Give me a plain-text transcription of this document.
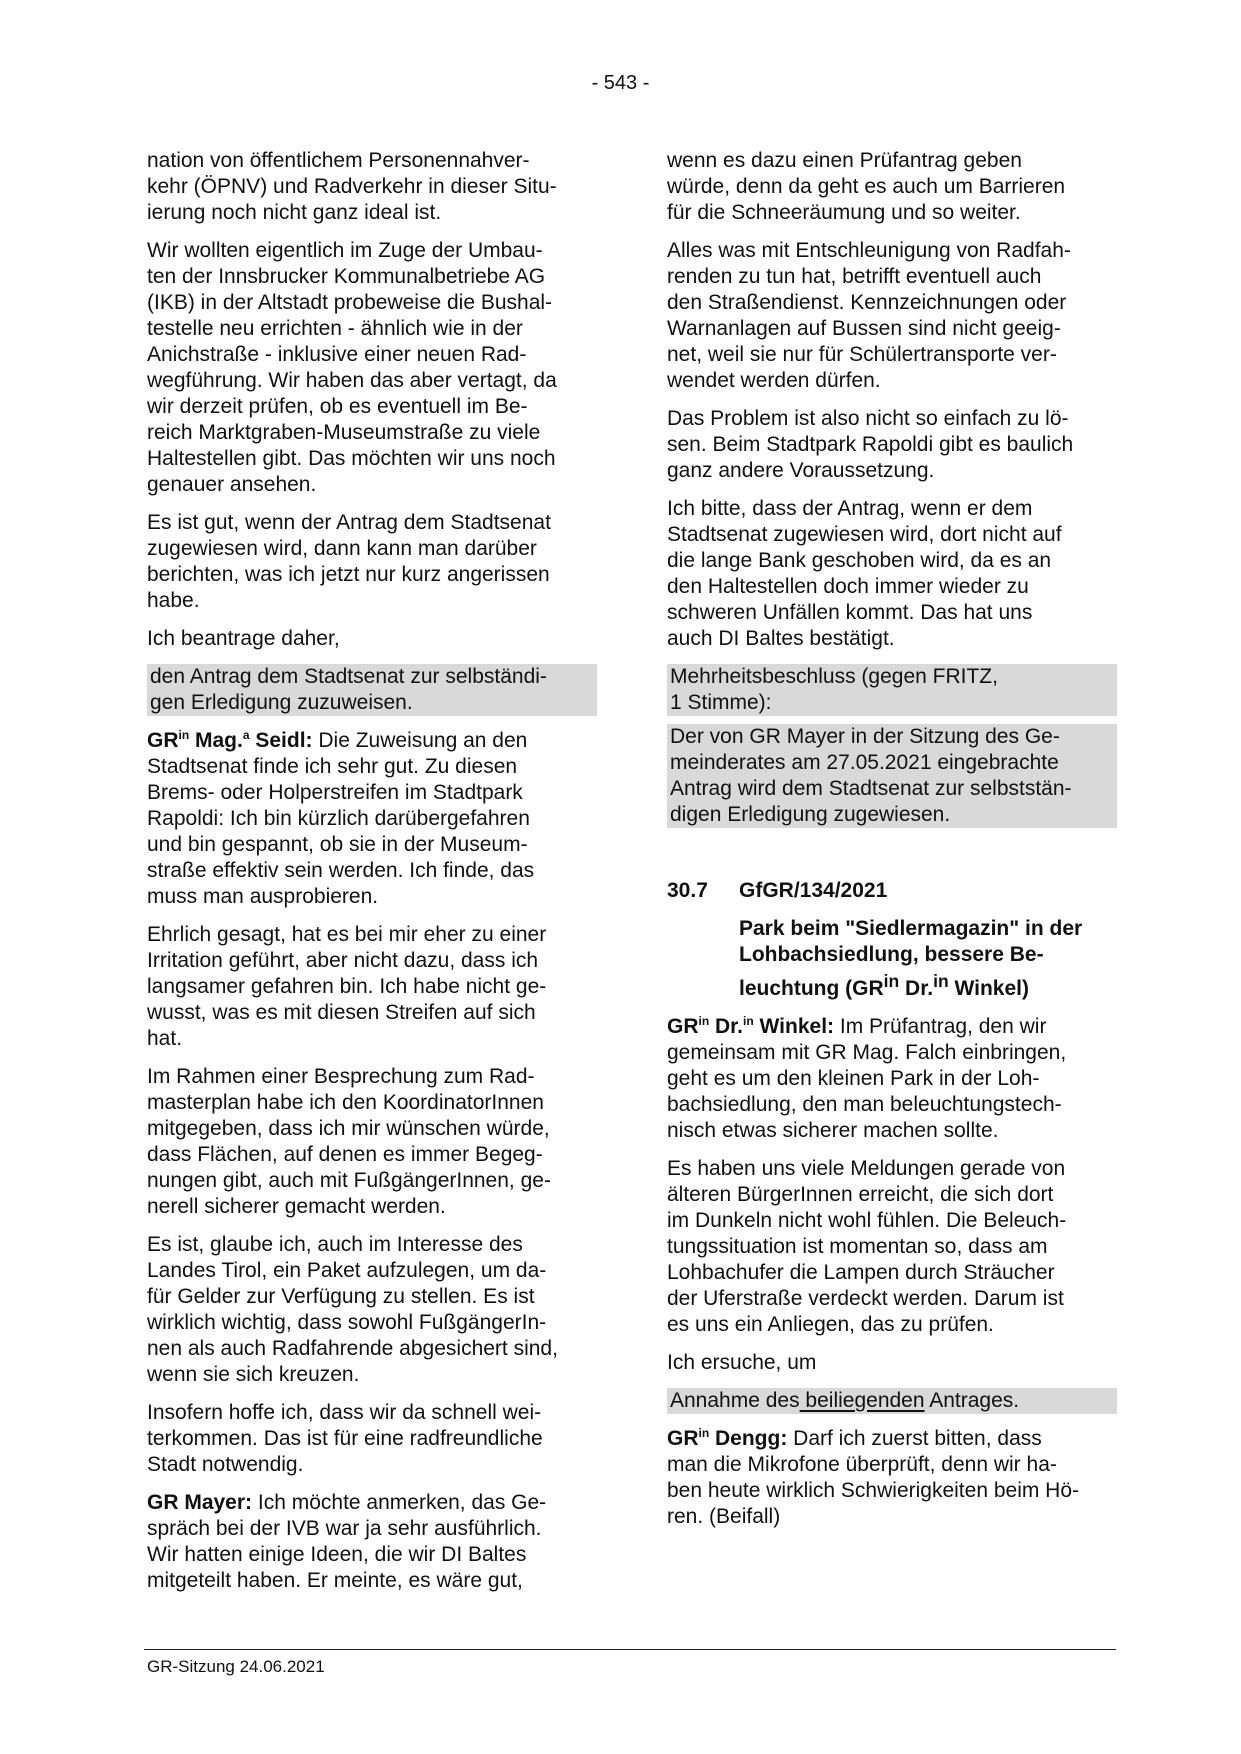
- 543 -

nation von öffentlichem Personennahver-
kehr (ÖPNV) und Radverkehr in dieser Situ-
ierung noch nicht ganz ideal ist.

Wir wollten eigentlich im Zuge der Umbau-
ten der Innsbrucker Kommunalbetriebe AG
(IKB) in der Altstadt probeweise die Bushal-
testelle neu errichten - ähnlich wie in der
Anichstraße - inklusive einer neuen Rad-
wegführung. Wir haben das aber vertagt, da
wir derzeit prüfen, ob es eventuell im Be-
reich Marktgraben-Museumstraße zu viele
Haltestellen gibt. Das möchten wir uns noch
genauer ansehen.

Es ist gut, wenn der Antrag dem Stadtsenat
zugewiesen wird, dann kann man darüber
berichten, was ich jetzt nur kurz angerissen
habe.

Ich beantrage daher,

den Antrag dem Stadtsenat zur selbständi-
gen Erledigung zuzuweisen.

$GR^{in}$ Mag.$^a$ Seidl: Die Zuweisung an den
Stadtsenat finde ich sehr gut. Zu diesen
Brems- oder Holperstreifen im Stadtpark
Rapoldi: Ich bin kürzlich darübergefahren
und bin gespannt, ob sie in der Museum-
straße effektiv sein werden. Ich finde, das
muss man ausprobieren.

Ehrlich gesagt, hat es bei mir eher zu einer
Irritation geführt, aber nicht dazu, dass ich
langsamer gefahren bin. Ich habe nicht ge-
wusst, was es mit diesen Streifen auf sich
hat.

Im Rahmen einer Besprechung zum Rad-
masterplan habe ich den KoordinatorInnen
mitgegeben, dass ich mir wünschen würde,
dass Flächen, auf denen es immer Begeg-
nungen gibt, auch mit FußgängerInnen, ge-
nerell sicherer gemacht werden.

Es ist, glaube ich, auch im Interesse des
Landes Tirol, ein Paket aufzulegen, um da-
für Gelder zur Verfügung zu stellen. Es ist
wirklich wichtig, dass sowohl FußgängerIn-
nen als auch Radfahrende abgesichert sind,
wenn sie sich kreuzen.

Insofern hoffe ich, dass wir da schnell wei-
terkommen. Das ist für eine radfreundliche
Stadt notwendig.

GR Mayer: Ich möchte anmerken, das Ge-
spräch bei der IVB war ja sehr ausführlich.
Wir hatten einige Ideen, die wir DI Baltes
mitgeteilt haben. Er meinte, es wäre gut,

wenn es dazu einen Prüfantrag geben
würde, denn da geht es auch um Barrieren
für die Schneeräumung und so weiter.

Alles was mit Entschleunigung von Radfah-
renden zu tun hat, betrifft eventuell auch
den Straßendienst. Kennzeichnungen oder
Warnanlagen auf Bussen sind nicht geeig-
net, weil sie nur für Schülertransporte ver-
wendet werden dürfen.

Das Problem ist also nicht so einfach zu lö-
sen. Beim Stadtpark Rapoldi gibt es baulich
ganz andere Voraussetzung.

Ich bitte, dass der Antrag, wenn er dem
Stadtsenat zugewiesen wird, dort nicht auf
die lange Bank geschoben wird, da es an
den Haltestellen doch immer wieder zu
schweren Unfällen kommt. Das hat uns
auch DI Baltes bestätigt.

Mehrheitsbeschluss (gegen FRITZ,
1 Stimme):
Der von GR Mayer in der Sitzung des Ge-
meinderates am 27.05.2021 eingebrachte
Antrag wird dem Stadtsenat zur selbststän-
digen Erledigung zugewiesen.
30.7	GfGR/134/2021
Park beim "Siedlermagazin" in der
Lohbachsiedlung, bessere Be-
leuchtung ($GR^{in}$ Dr.$^{in}$ Winkel)

$GR^{in}$ Dr.$^{in}$ Winkel: Im Prüfantrag, den wir
gemeinsam mit GR Mag. Falch einbringen,
geht es um den kleinen Park in der Loh-
bachsiedlung, den man beleuchtungstech-
nisch etwas sicherer machen sollte.

Es haben uns viele Meldungen gerade von
älteren BürgerInnen erreicht, die sich dort
im Dunkeln nicht wohl fühlen. Die Beleuch-
tungssituation ist momentan so, dass am
Lohbachufer die Lampen durch Sträucher
der Uferstraße verdeckt werden. Darum ist
es uns ein Anliegen, das zu prüfen.

Ich ersuche, um

Annahme des beiliegenden Antrages.

$GR^{in}$ Dengg: Darf ich zuerst bitten, dass
man die Mikrofone überprüft, denn wir ha-
ben heute wirklich Schwierigkeiten beim Hö-
ren. (Beifall)

GR-Sitzung 24.06.2021
